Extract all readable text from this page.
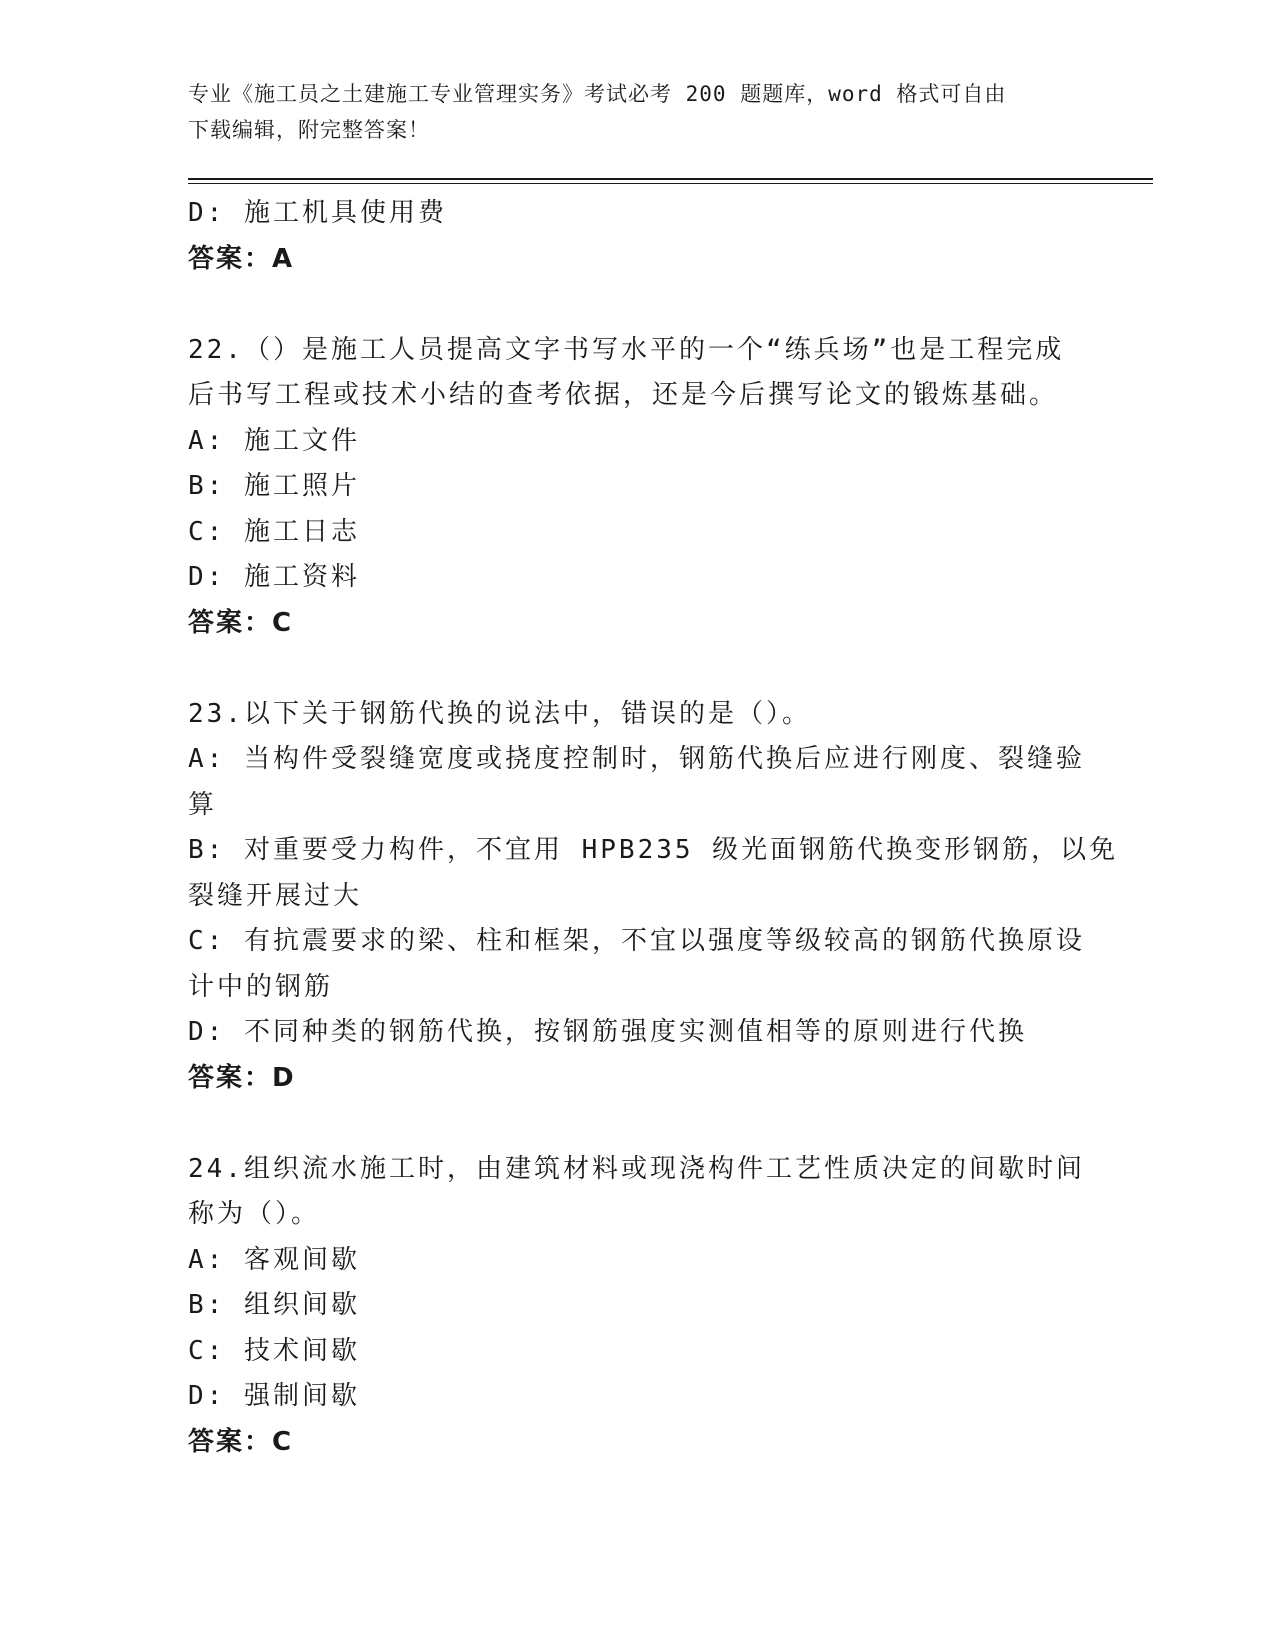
专业《施工员之土建施工专业管理实务》考试必考 200 题题库，word 格式可自由
下载编辑，附完整答案！
D: 施工机具使用费
答案：A
22.（）是施工人员提高文字书写水平的一个“练兵场”也是工程完成
后书写工程或技术小结的查考依据，还是今后撰写论文的锻炼基础。
A: 施工文件
B: 施工照片
C: 施工日志
D: 施工资料
答案：C
23.以下关于钢筋代换的说法中，错误的是（）。
A: 当构件受裂缝宽度或挠度控制时，钢筋代换后应进行刚度、裂缝验
算
B: 对重要受力构件，不宜用 HPB235 级光面钢筋代换变形钢筋，以免
裂缝开展过大
C: 有抗震要求的梁、柱和框架，不宜以强度等级较高的钢筋代换原设
计中的钢筋
D: 不同种类的钢筋代换，按钢筋强度实测值相等的原则进行代换
答案：D
24.组织流水施工时，由建筑材料或现浇构件工艺性质决定的间歇时间
称为（）。
A: 客观间歇
B: 组织间歇
C: 技术间歇
D: 强制间歇
答案：C
